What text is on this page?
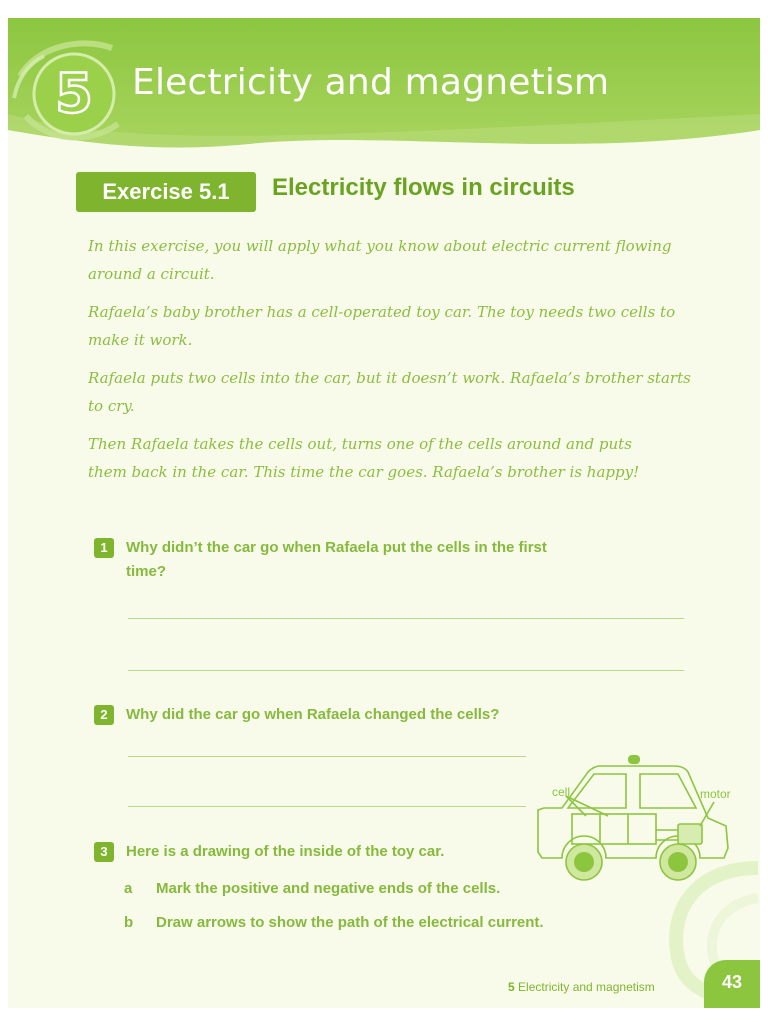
5 Electricity and magnetism
Exercise 5.1	Electricity flows in circuits

In this exercise, you will apply what you know about electric current flowing around a circuit.

Rafaela’s baby brother has a cell-operated toy car. The toy needs two cells to make it work.

Rafaela puts two cells into the car, but it doesn’t work. Rafaela’s brother starts to cry.

Then Rafaela takes the cells out, turns one of the cells around and puts them back in the car. This time the car goes. Rafaela’s brother is happy!

1	Why didn’t the car go when Rafaela put the cells in the first time?

2	Why did the car go when Rafaela changed the cells?

cell	motor
3	Here is a drawing of the inside of the toy car.

a Mark the positive and negative ends of the cells.
b Draw arrows to show the path of the electrical current.
5 Electricity and magnetism	43
